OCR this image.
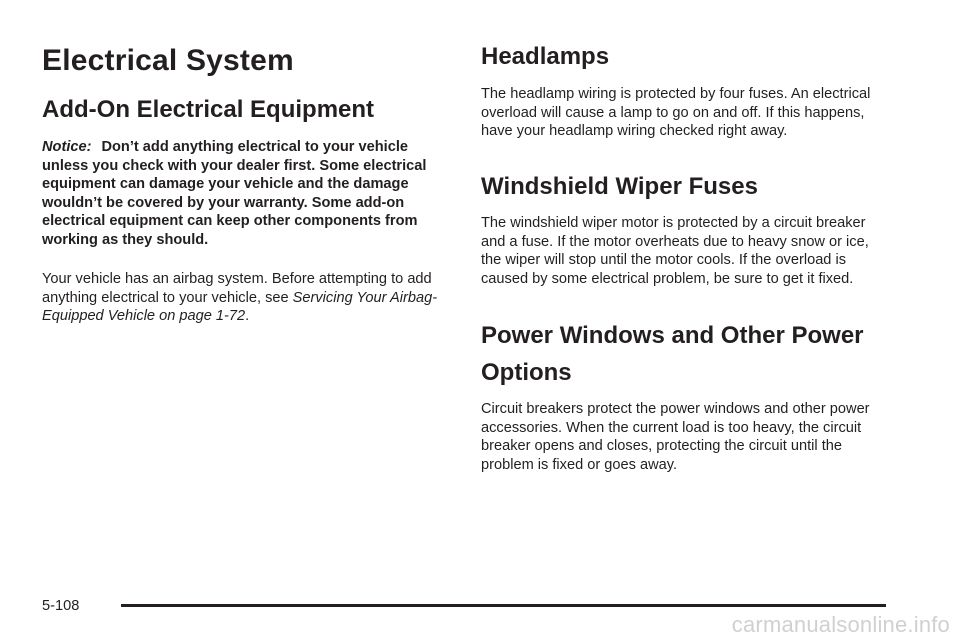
Electrical System
Add-On Electrical Equipment

Notice: Don’t add anything electrical to your vehicle unless you check with your dealer first. Some electrical equipment can damage your vehicle and the damage wouldn’t be covered by your warranty. Some add-on electrical equipment can keep other components from working as they should.

Your vehicle has an airbag system. Before attempting to add anything electrical to your vehicle, see Servicing Your Airbag-Equipped Vehicle on page 1-72.

Headlamps

The headlamp wiring is protected by four fuses. An electrical overload will cause a lamp to go on and off. If this happens, have your headlamp wiring checked right away.

Windshield Wiper Fuses

The windshield wiper motor is protected by a circuit breaker and a fuse. If the motor overheats due to heavy snow or ice, the wiper will stop until the motor cools. If the overload is caused by some electrical problem, be sure to get it fixed.

Power Windows and Other Power Options

Circuit breakers protect the power windows and other power accessories. When the current load is too heavy, the circuit breaker opens and closes, protecting the circuit until the problem is fixed or goes away.

5-108
carmanualsonline.info
